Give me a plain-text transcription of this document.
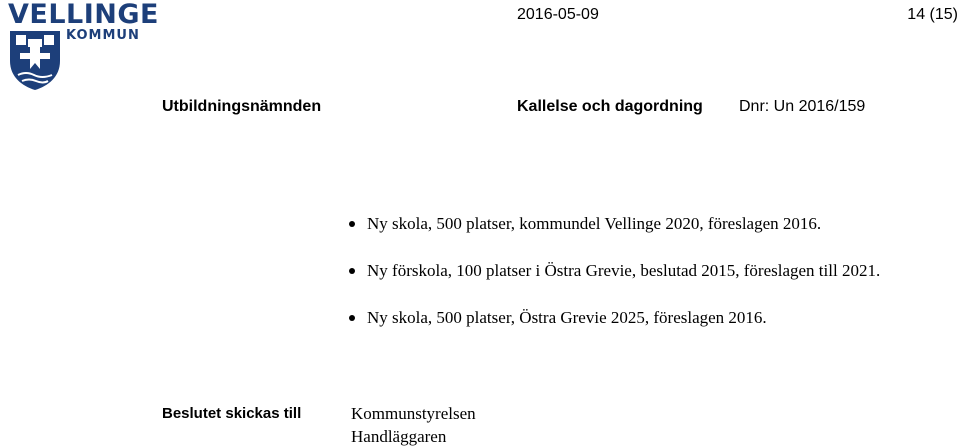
VELLINGE
KOMMUN
2016-05-09	14 (15)
Utbildningsnämnden	Kallelse och dagordning Dnr: Un 2016/159
Ny skola, 500 platser, kommundel Vellinge 2020, föreslagen 2016.
Ny förskola, 100 platser i Östra Grevie, beslutad 2015, föreslagen till 2021.
Ny skola, 500 platser, Östra Grevie 2025, föreslagen 2016.
Beslutet skickas till	Kommunstyrelsen
Handläggaren
